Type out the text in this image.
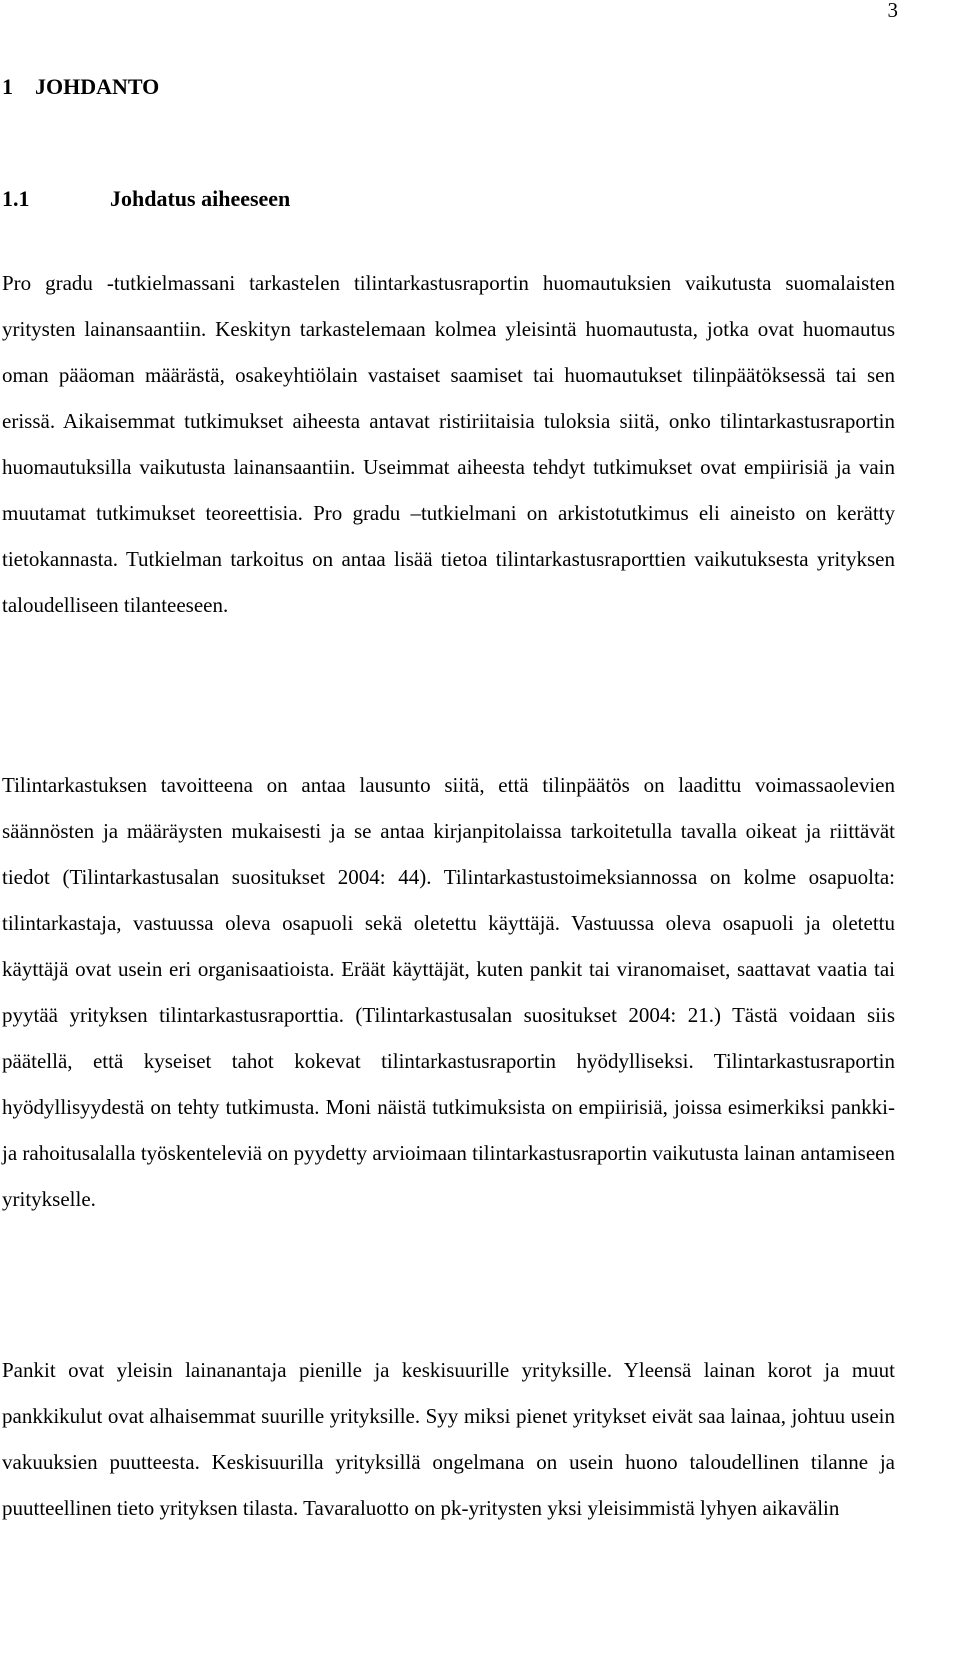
3
1 JOHDANTO
1.1	Johdatus aiheeseen

Pro gradu -tutkielmassani tarkastelen tilintarkastusraportin huomautuksien vaikutusta suomalaisten yritysten lainansaantiin. Keskityn tarkastelemaan kolmea yleisintä huomautusta, jotka ovat huomautus oman pääoman määrästä, osakeyhtiölain vastaiset saamiset tai huomautukset tilinpäätöksessä tai sen erissä. Aikaisemmat tutkimukset aiheesta antavat ristiriitaisia tuloksia siitä, onko tilintarkastusraportin huomautuksilla vaikutusta lainansaantiin. Useimmat aiheesta tehdyt tutkimukset ovat empiirisiä ja vain muutamat tutkimukset teoreettisia. Pro gradu –tutkielmani on arkistotutkimus eli aineisto on kerätty tietokannasta. Tutkielman tarkoitus on antaa lisää tietoa tilintarkastusraporttien vaikutuksesta yrityksen taloudelliseen tilanteeseen.

Tilintarkastuksen tavoitteena on antaa lausunto siitä, että tilinpäätös on laadittu voimassaolevien säännösten ja määräysten mukaisesti ja se antaa kirjanpitolaissa tarkoitetulla tavalla oikeat ja riittävät tiedot (Tilintarkastusalan suositukset 2004: 44). Tilintarkastustoimeksiannossa on kolme osapuolta: tilintarkastaja, vastuussa oleva osapuoli sekä oletettu käyttäjä. Vastuussa oleva osapuoli ja oletettu käyttäjä ovat usein eri organisaatioista. Eräät käyttäjät, kuten pankit tai viranomaiset, saattavat vaatia tai pyytää yrityksen tilintarkastusraporttia. (Tilintarkastusalan suositukset 2004: 21.) Tästä voidaan siis päätellä, että kyseiset tahot kokevat tilintarkastusraportin hyödylliseksi. Tilintarkastusraportin hyödyllisyydestä on tehty tutkimusta. Moni näistä tutkimuksista on empiirisiä, joissa esimerkiksi pankki- ja rahoitusalalla työskenteleviä on pyydetty arvioimaan tilintarkastusraportin vaikutusta lainan antamiseen yritykselle.

Pankit ovat yleisin lainanantaja pienille ja keskisuurille yrityksille. Yleensä lainan korot ja muut pankkikulut ovat alhaisemmat suurille yrityksille. Syy miksi pienet yritykset eivät saa lainaa, johtuu usein vakuuksien puutteesta. Keskisuurilla yrityksillä ongelmana on usein huono taloudellinen tilanne ja puutteellinen tieto yrityksen tilasta. Tavaraluotto on pk-yritysten yksi yleisimmistä lyhyen aikavälin
